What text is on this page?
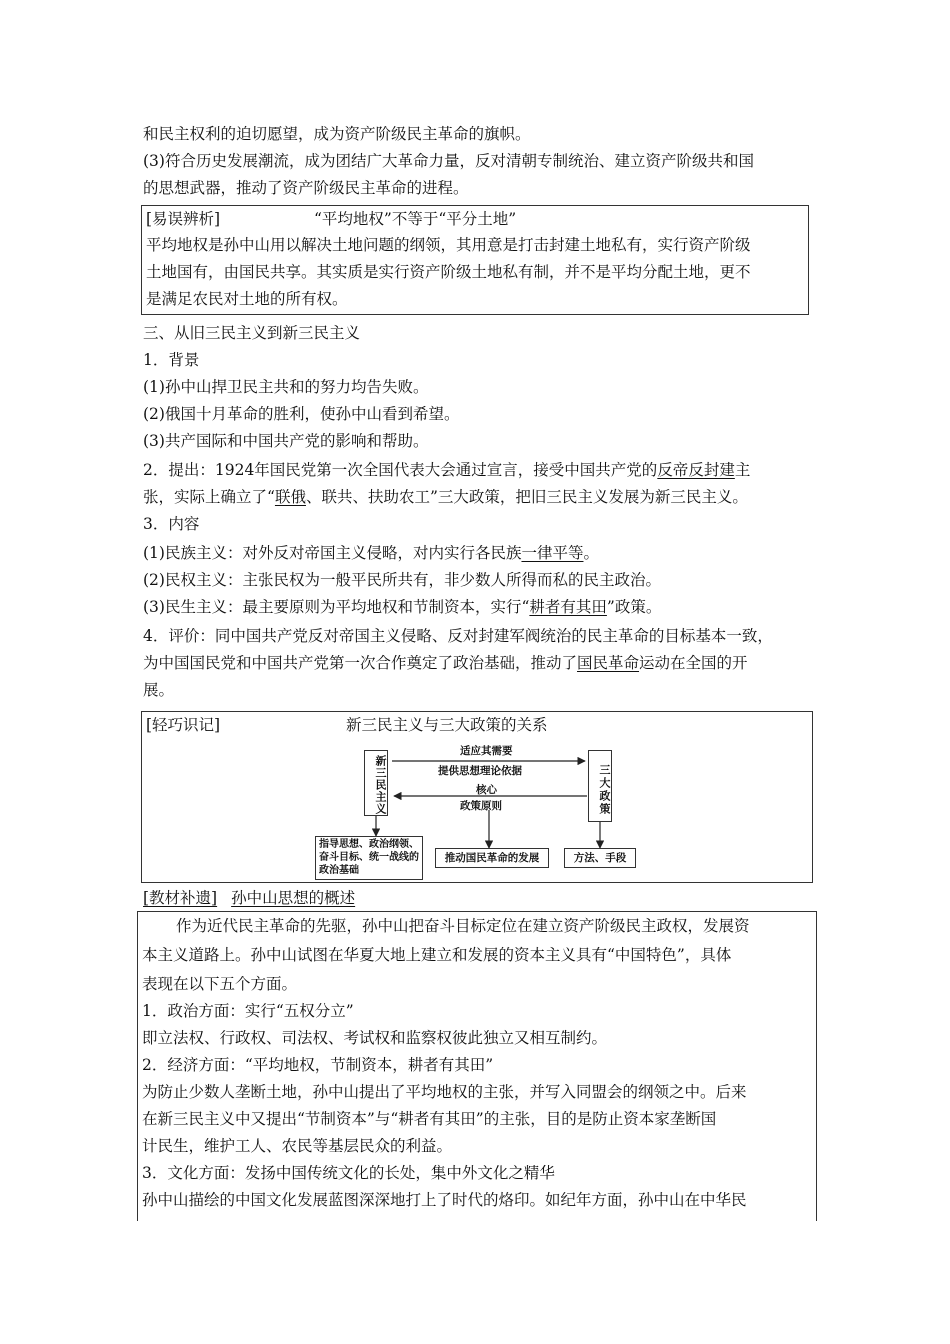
和民主权利的迫切愿望，成为资产阶级民主革命的旗帜。
(3)符合历史发展潮流，成为团结广大革命力量，反对清朝专制统治、建立资产阶级共和国
的思想武器，推动了资产阶级民主革命的进程。
[易误辨析]	“平均地权”不等于“平分土地”
平均地权是孙中山用以解决土地问题的纲领，其用意是打击封建土地私有，实行资产阶级
土地国有，由国民共享。其实质是实行资产阶级土地私有制，并不是平均分配土地，更不
是满足农民对土地的所有权。
三、从旧三民主义到新三民主义
1．背景
(1)孙中山捍卫民主共和的努力均告失败。
(2)俄国十月革命的胜利，使孙中山看到希望。
(3)共产国际和中国共产党的影响和帮助。
2．提出：1924年国民党第一次全国代表大会通过宣言，接受中国共产党的反帝反封建主
张，实际上确立了“联俄、联共、扶助农工”三大政策，把旧三民主义发展为新三民主义。
3．内容
(1)民族主义：对外反对帝国主义侵略，对内实行各民族一律平等。
(2)民权主义：主张民权为一般平民所共有，非少数人所得而私的民主政治。
(3)民生主义：最主要原则为平均地权和节制资本，实行“耕者有其田”政策。
4．评价：同中国共产党反对帝国主义侵略、反对封建军阀统治的民主革命的目标基本一致，
为中国国民党和中国共产党第一次合作奠定了政治基础，推动了国民革命运动在全国的开
展。
[轻巧识记]	新三民主义与三大政策的关系
新三民主义	三大政策
适应其需要
提供思想理论依据
核心
政策原则
指导思想、政治纲领、奋斗目标、统一战线的政治基础
推动国民革命的发展	方法、手段
[教材补遗] 孙中山思想的概述
作为近代民主革命的先驱，孙中山把奋斗目标定位在建立资产阶级民主政权，发展资
本主义道路上。孙中山试图在华夏大地上建立和发展的资本主义具有“中国特色”，具体
表现在以下五个方面。
1．政治方面：实行“五权分立”
即立法权、行政权、司法权、考试权和监察权彼此独立又相互制约。
2．经济方面：“平均地权，节制资本，耕者有其田”
为防止少数人垄断土地，孙中山提出了平均地权的主张，并写入同盟会的纲领之中。后来
在新三民主义中又提出“节制资本”与“耕者有其田”的主张，目的是防止资本家垄断国
计民生，维护工人、农民等基层民众的利益。
3．文化方面：发扬中国传统文化的长处，集中外文化之精华
孙中山描绘的中国文化发展蓝图深深地打上了时代的烙印。如纪年方面，孙中山在中华民
